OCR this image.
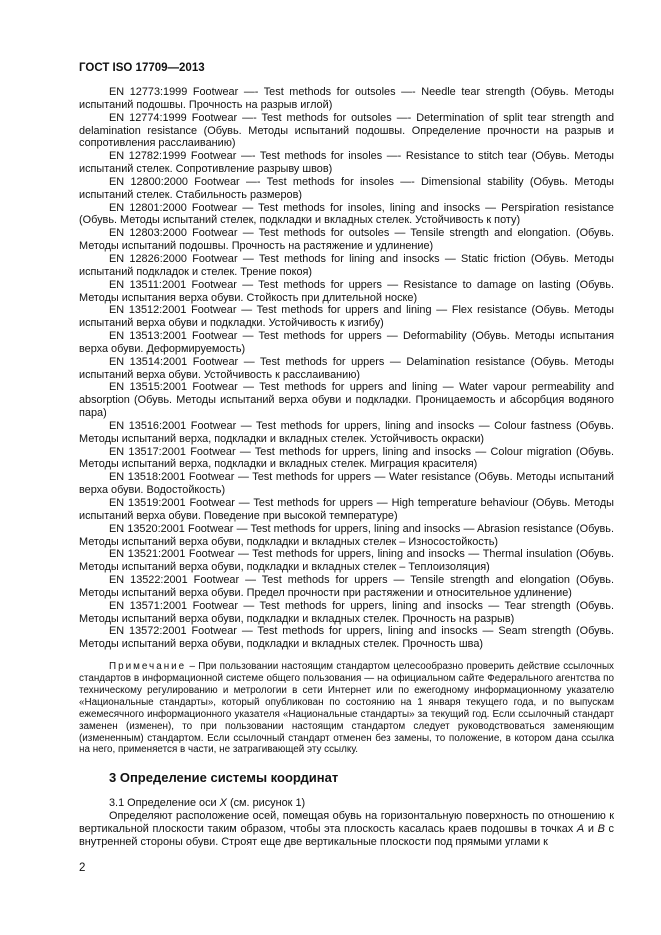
ГОСТ ISO 17709—2013

EN 12773:1999 Footwear —- Test methods for outsoles —- Needle tear strength (Обувь. Методы испытаний подошвы. Прочность на разрыв иглой)

EN 12774:1999 Footwear —- Test methods for outsoles —- Determination of split tear strength and delamination resistance (Обувь. Методы испытаний подошвы. Определение прочности на разрыв и сопротивления расслаиванию)

EN 12782:1999 Footwear —- Test methods for insoles —- Resistance to stitch tear (Обувь. Методы испытаний стелек. Сопротивление разрыву швов)

EN 12800:2000 Footwear —- Test methods for insoles —- Dimensional stability (Обувь. Методы испытаний стелек. Стабильность размеров)

EN 12801:2000 Footwear — Test methods for insoles, lining and insocks — Perspiration resistance (Обувь. Методы испытаний стелек, подкладки и вкладных стелек. Устойчивость к поту)

EN 12803:2000 Footwear — Test methods for outsoles — Tensile strength and elongation. (Обувь. Методы испытаний подошвы. Прочность на растяжение и удлинение)

EN 12826:2000 Footwear — Test methods for lining and insocks — Static friction (Обувь. Методы испытаний подкладок и стелек. Трение покоя)

EN 13511:2001 Footwear — Test methods for uppers — Resistance to damage on lasting (Обувь. Методы испытания верха обуви. Стойкость при длительной носке)

EN 13512:2001 Footwear — Test methods for uppers and lining — Flex resistance (Обувь. Методы испытаний верха обуви и подкладки. Устойчивость к изгибу)

EN 13513:2001 Footwear — Test methods for uppers — Deformability (Обувь. Методы испытания верха обуви. Деформируемость)

EN 13514:2001 Footwear — Test methods for uppers — Delamination resistance (Обувь. Методы испытаний верха обуви. Устойчивость к расслаиванию)

EN 13515:2001 Footwear — Test methods for uppers and lining — Water vapour permeability and absorption (Обувь. Методы испытаний верха обуви и подкладки. Проницаемость и абсорбция водяного пара)

EN 13516:2001 Footwear — Test methods for uppers, lining and insocks — Colour fastness (Обувь. Методы испытаний верха, подкладки и вкладных стелек. Устойчивость окраски)

EN 13517:2001 Footwear — Test methods for uppers, lining and insocks — Colour migration (Обувь. Методы испытаний верха, подкладки и вкладных стелек. Миграция красителя)

EN 13518:2001 Footwear — Test methods for uppers — Water resistance (Обувь. Методы испытаний верха обуви. Водостойкость)

EN 13519:2001 Footwear — Test methods for uppers — High temperature behaviour (Обувь. Методы испытаний верха обуви. Поведение при высокой температуре)

EN 13520:2001 Footwear — Test methods for uppers, lining and insocks — Abrasion resistance (Обувь. Методы испытаний верха обуви, подкладки и вкладных стелек – Износостойкость)

EN 13521:2001 Footwear — Test methods for uppers, lining and insocks — Thermal insulation (Обувь. Методы испытаний верха обуви, подкладки и вкладных стелек – Теплоизоляция)

EN 13522:2001 Footwear — Test methods for uppers — Tensile strength and elongation (Обувь. Методы испытаний верха обуви. Предел прочности при растяжении и относительное удлинение)

EN 13571:2001 Footwear — Test methods for uppers, lining and insocks — Tear strength (Обувь. Методы испытаний верха обуви, подкладки и вкладных стелек. Прочность на разрыв)

EN 13572:2001 Footwear — Test methods for uppers, lining and insocks — Seam strength (Обувь. Методы испытаний верха обуви, подкладки и вкладных стелек. Прочность шва)

Примечание – При пользовании настоящим стандартом целесообразно проверить действие ссылочных стандартов в информационной системе общего пользования — на официальном сайте Федерального агентства по техническому регулированию и метрологии в сети Интернет или по ежегодному информационному указателю «Национальные стандарты», который опубликован по состоянию на 1 января текущего года, и по выпускам ежемесячного информационного указателя «Национальные стандарты» за текущий год. Если ссылочный стандарт заменен (изменен), то при пользовании настоящим стандартом следует руководствоваться заменяющим (измененным) стандартом. Если ссылочный стандарт отменен без замены, то положение, в котором дана ссылка на него, применяется в части, не затрагивающей эту ссылку.

3 Определение системы координат

3.1 Определение оси X (см. рисунок 1)

Определяют расположение осей, помещая обувь на горизонтальную поверхность по отношению к вертикальной плоскости таким образом, чтобы эта плоскость касалась краев подошвы в точках A и B с внутренней стороны обуви. Строят еще две вертикальные плоскости под прямыми углами к

2
